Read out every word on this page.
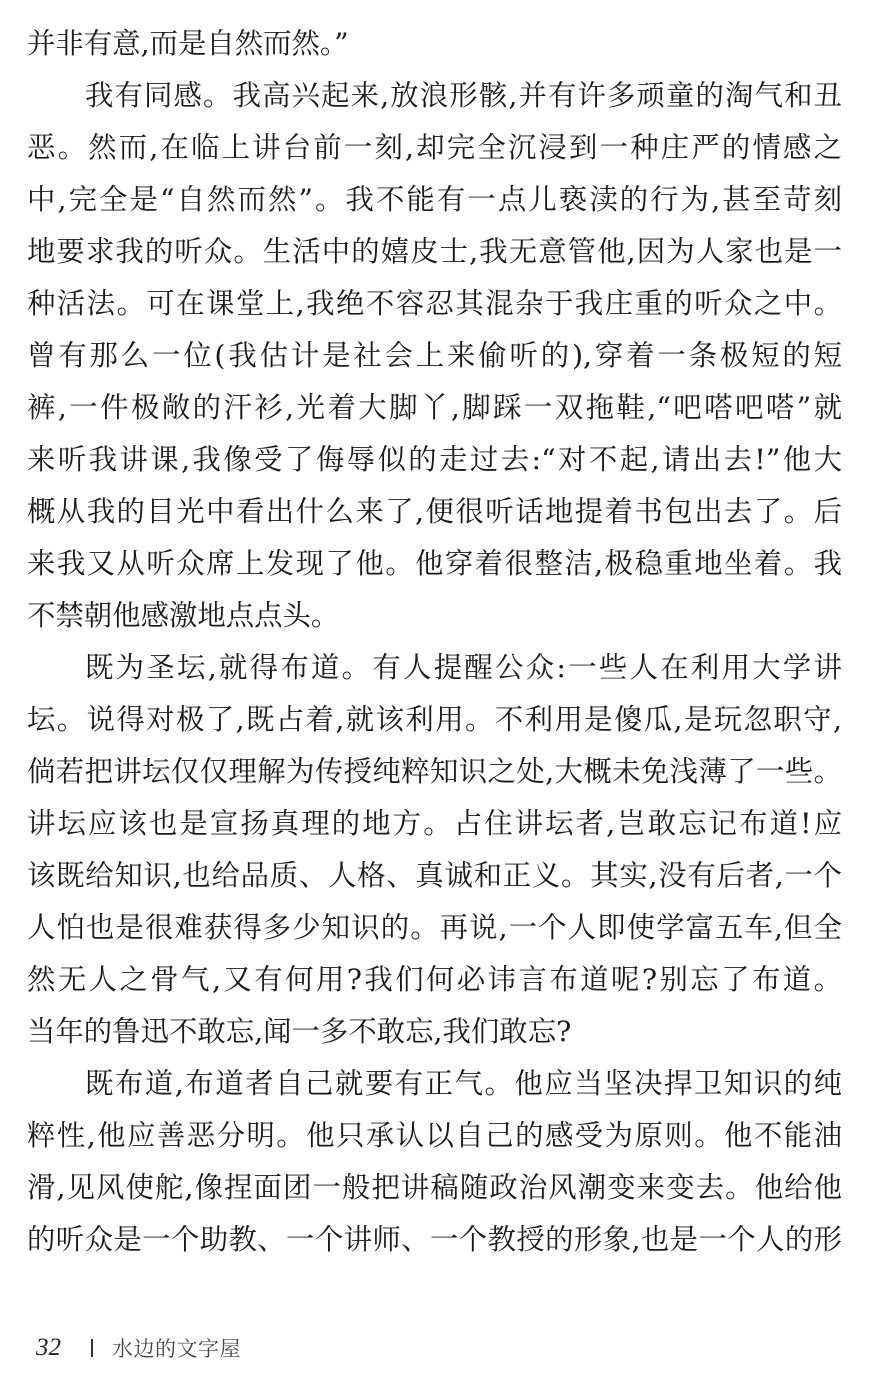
并非有意,而是自然而然。”
我有同感。我高兴起来,放浪形骸,并有许多顽童的淘气和丑
恶。然而,在临上讲台前一刻,却完全沉浸到一种庄严的情感之
中,完全是“自然而然”。我不能有一点儿亵渎的行为,甚至苛刻
地要求我的听众。生活中的嬉皮士,我无意管他,因为人家也是一
种活法。可在课堂上,我绝不容忍其混杂于我庄重的听众之中。
曾有那么一位(我估计是社会上来偷听的),穿着一条极短的短
裤,一件极敞的汗衫,光着大脚丫,脚踩一双拖鞋,“吧嗒吧嗒”就
来听我讲课,我像受了侮辱似的走过去:“对不起,请出去!”他大
概从我的目光中看出什么来了,便很听话地提着书包出去了。后
来我又从听众席上发现了他。他穿着很整洁,极稳重地坐着。我
不禁朝他感激地点点头。
既为圣坛,就得布道。有人提醒公众:一些人在利用大学讲
坛。说得对极了,既占着,就该利用。不利用是傻瓜,是玩忽职守,
倘若把讲坛仅仅理解为传授纯粹知识之处,大概未免浅薄了一些。
讲坛应该也是宣扬真理的地方。占住讲坛者,岂敢忘记布道!应
该既给知识,也给品质、人格、真诚和正义。其实,没有后者,一个
人怕也是很难获得多少知识的。再说,一个人即使学富五车,但全
然无人之骨气,又有何用?我们何必讳言布道呢?别忘了布道。
当年的鲁迅不敢忘,闻一多不敢忘,我们敢忘?
既布道,布道者自己就要有正气。他应当坚决捍卫知识的纯
粹性,他应善恶分明。他只承认以自己的感受为原则。他不能油
滑,见风使舵,像捏面团一般把讲稿随政治风潮变来变去。他给他
的听众是一个助教、一个讲师、一个教授的形象,也是一个人的形
32	水边的文字屋
